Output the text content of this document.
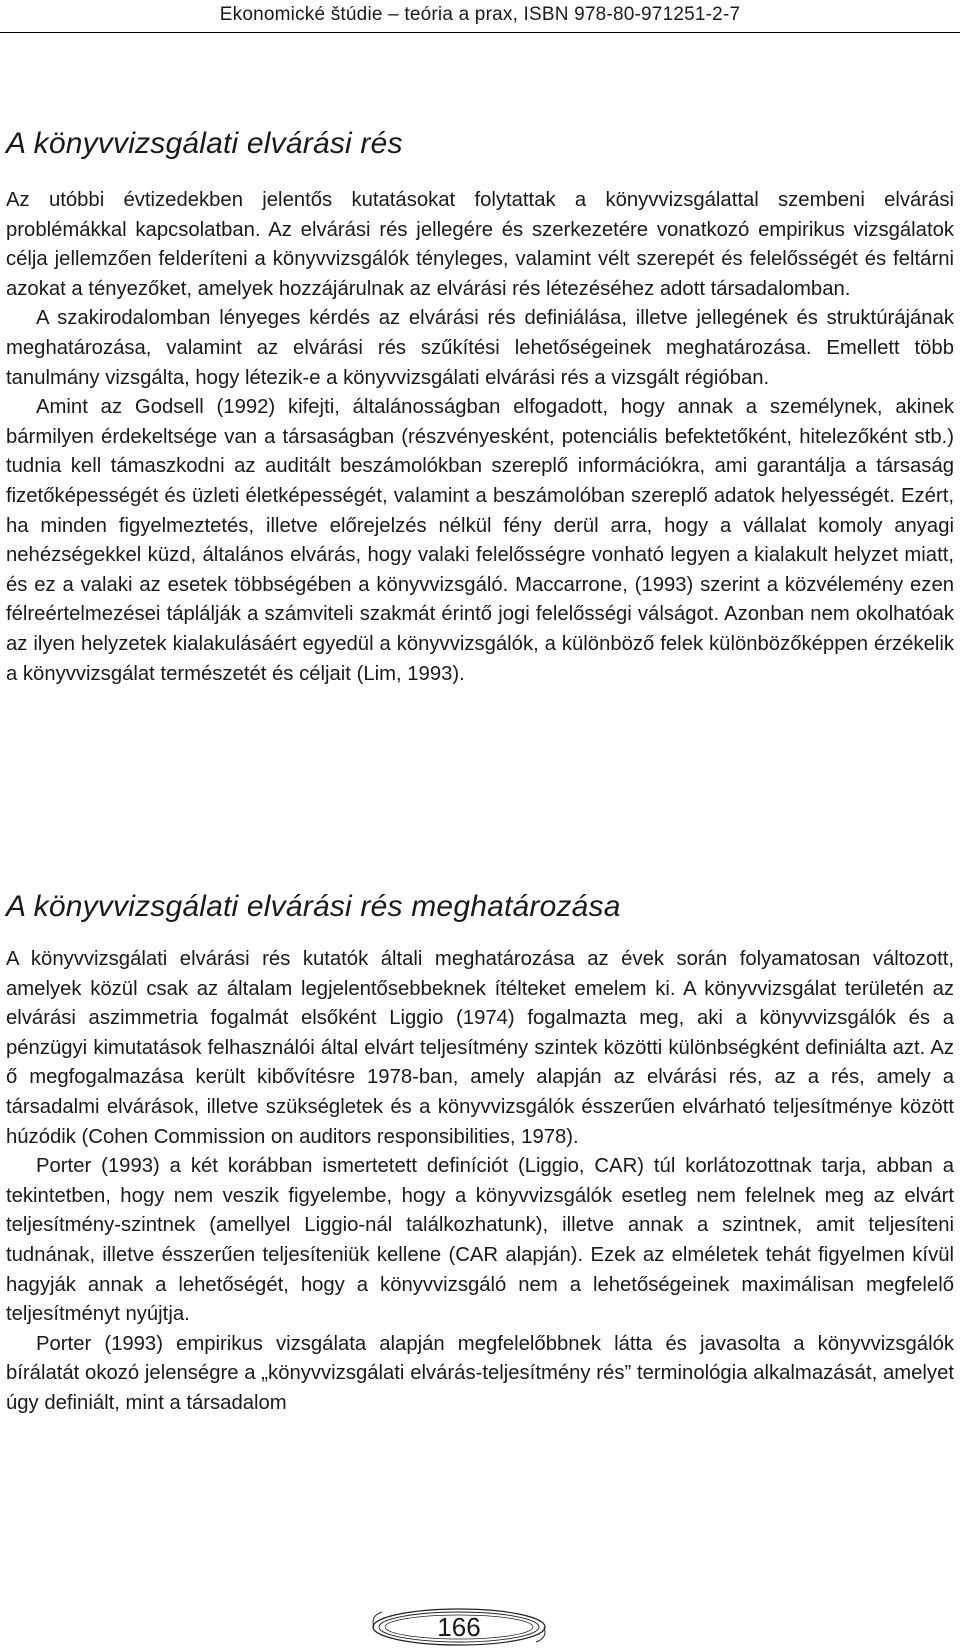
Ekonomické štúdie – teória a prax, ISBN 978-80-971251-2-7
A könyvvizsgálati elvárási rés

Az utóbbi évtizedekben jelentős kutatásokat folytattak a könyvvizsgálattal szembeni elvárási problémákkal kapcsolatban. Az elvárási rés jellegére és szerkezetére vonatkozó empirikus vizsgálatok célja jellemzően felderíteni a könyvvizsgálók tényleges, valamint vélt szerepét és felelősségét és feltárni azokat a tényezőket, amelyek hozzájárulnak az elvárási rés létezéséhez adott társadalomban.

A szakirodalomban lényeges kérdés az elvárási rés definiálása, illetve jellegének és struktúrájának meghatározása, valamint az elvárási rés szűkítési lehetőségeinek meghatározása. Emellett több tanulmány vizsgálta, hogy létezik-e a könyvvizsgálati elvárási rés a vizsgált régióban.

Amint az Godsell (1992) kifejti, általánosságban elfogadott, hogy annak a személynek, akinek bármilyen érdekeltsége van a társaságban (részvényesként, potenciális befektetőként, hitelezőként stb.) tudnia kell támaszkodni az auditált beszámolókban szereplő információkra, ami garantálja a társaság fizetőképességét és üzleti életképességét, valamint a beszámolóban szereplő adatok helyességét. Ezért, ha minden figyelmeztetés, illetve előrejelzés nélkül fény derül arra, hogy a vállalat komoly anyagi nehézségekkel küzd, általános elvárás, hogy valaki felelősségre vonható legyen a kialakult helyzet miatt, és ez a valaki az esetek többségében a könyvvizsgáló. Maccarrone, (1993) szerint a közvélemény ezen félreértelmezései táplálják a számviteli szakmát érintő jogi felelősségi válságot. Azonban nem okolhatóak az ilyen helyzetek kialakulásáért egyedül a könyvvizsgálók, a különböző felek különbözőképpen érzékelik a könyvvizsgálat természetét és céljait (Lim, 1993).

A könyvvizsgálati elvárási rés meghatározása

A könyvvizsgálati elvárási rés kutatók általi meghatározása az évek során folyamatosan változott, amelyek közül csak az általam legjelentősebbeknek ítélteket emelem ki. A könyvvizsgálat területén az elvárási aszimmetria fogalmát elsőként Liggio (1974) fogalmazta meg, aki a könyvvizsgálók és a pénzügyi kimutatások felhasználói által elvárt teljesítmény szintek közötti különbségként definiálta azt. Az ő megfogalmazása került kibővítésre 1978-ban, amely alapján az elvárási rés, az a rés, amely a társadalmi elvárások, illetve szükségletek és a könyvvizsgálók ésszerűen elvárható teljesítménye között húzódik (Cohen Commission on auditors responsibilities, 1978).

Porter (1993) a két korábban ismertetett definíciót (Liggio, CAR) túl korlátozottnak tarja, abban a tekintetben, hogy nem veszik figyelembe, hogy a könyvvizsgálók esetleg nem felelnek meg az elvárt teljesítmény-szintnek (amellyel Liggio-nál találkozhatunk), illetve annak a szintnek, amit teljesíteni tudnának, illetve ésszerűen teljesíteniük kellene (CAR alapján). Ezek az elméletek tehát figyelmen kívül hagyják annak a lehetőségét, hogy a könyvvizsgáló nem a lehetőségeinek maximálisan megfelelő teljesítményt nyújtja.

Porter (1993) empirikus vizsgálata alapján megfelelőbbnek látta és javasolta a könyvvizsgálók bírálatát okozó jelenségre a „könyvvizsgálati elvárás-teljesítmény rés” terminológia alkalmazását, amelyet úgy definiált, mint a társadalom

166
